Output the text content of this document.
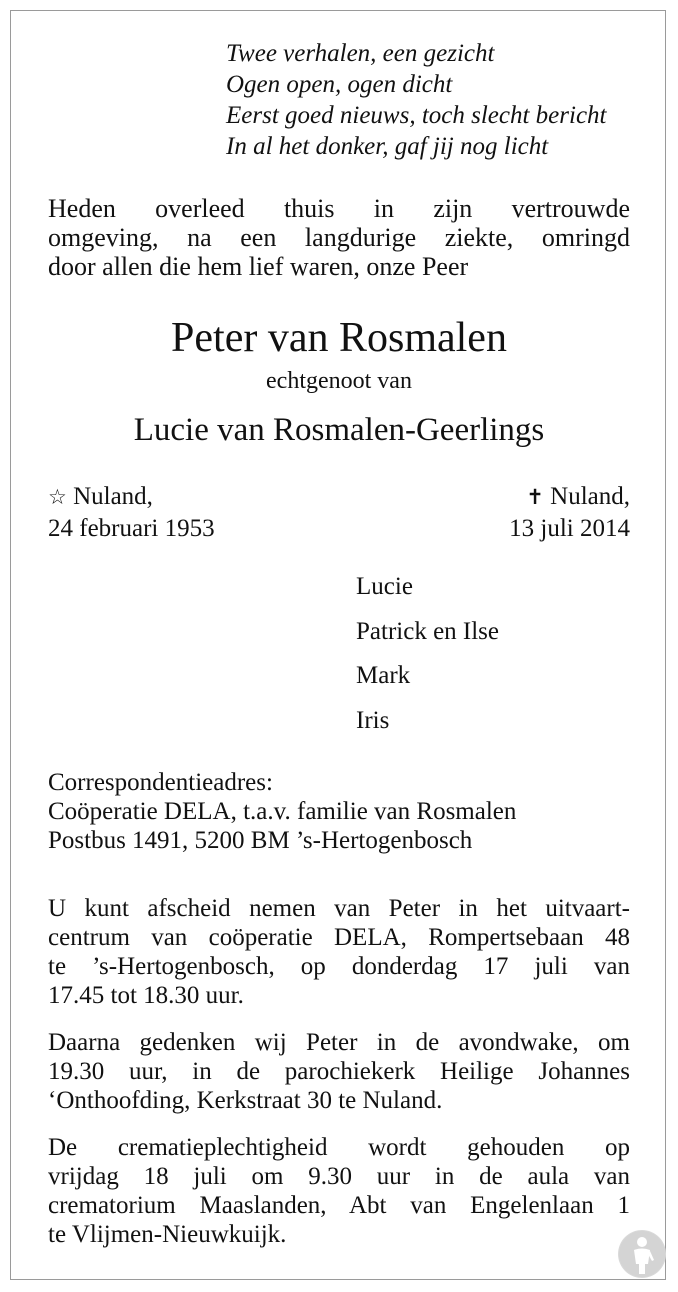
Twee verhalen, een gezicht
Ogen open, ogen dicht
Eerst goed nieuws, toch slecht bericht
In al het donker, gaf jij nog licht
Heden overleed thuis in zijn vertrouwde
omgeving, na een langdurige ziekte, omringd
door allen die hem lief waren, onze Peer
Peter van Rosmalen
echtgenoot van
Lucie van Rosmalen-Geerlings
☆ Nuland,
24 februari 1953
✝ Nuland,
13 juli 2014
Lucie
Patrick en Ilse
Mark
Iris
Correspondentieadres:
Coöperatie DELA, t.a.v. familie van Rosmalen
Postbus 1491, 5200 BM ’s-Hertogenbosch
U kunt afscheid nemen van Peter in het uitvaart-
centrum van coöperatie DELA, Rompertsebaan 48
te ’s-Hertogenbosch, op donderdag 17 juli van
17.45 tot 18.30 uur.
Daarna gedenken wij Peter in de avondwake, om
19.30 uur, in de parochiekerk Heilige Johannes
‘Onthoofding, Kerkstraat 30 te Nuland.
De crematieplechtigheid wordt gehouden op
vrijdag 18 juli om 9.30 uur in de aula van
crematorium Maaslanden, Abt van Engelenlaan 1
te Vlijmen-Nieuwkuijk.
